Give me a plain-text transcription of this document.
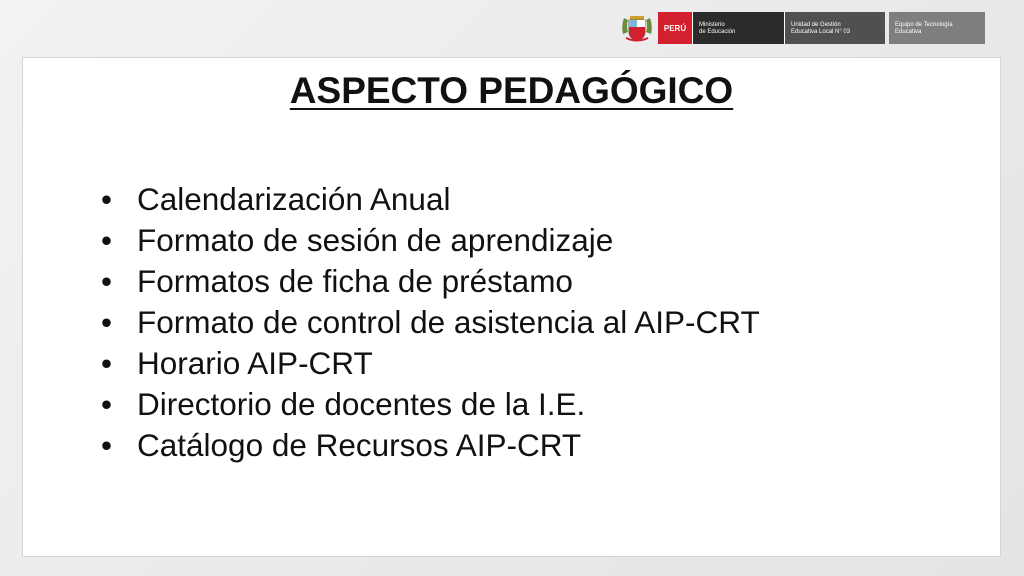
PERÚ	Ministerio
de Educación
Unidad de Gestión
Educativa Local N° 03
Equipo de Tecnología
Educativa
ASPECTO PEDAGÓGICO
• Calendarización Anual
• Formato de sesión de aprendizaje
• Formatos de ficha de préstamo
• Formato de control de asistencia al AIP-CRT
• Horario AIP-CRT
• Directorio de docentes de la I.E.
• Catálogo de Recursos AIP-CRT
